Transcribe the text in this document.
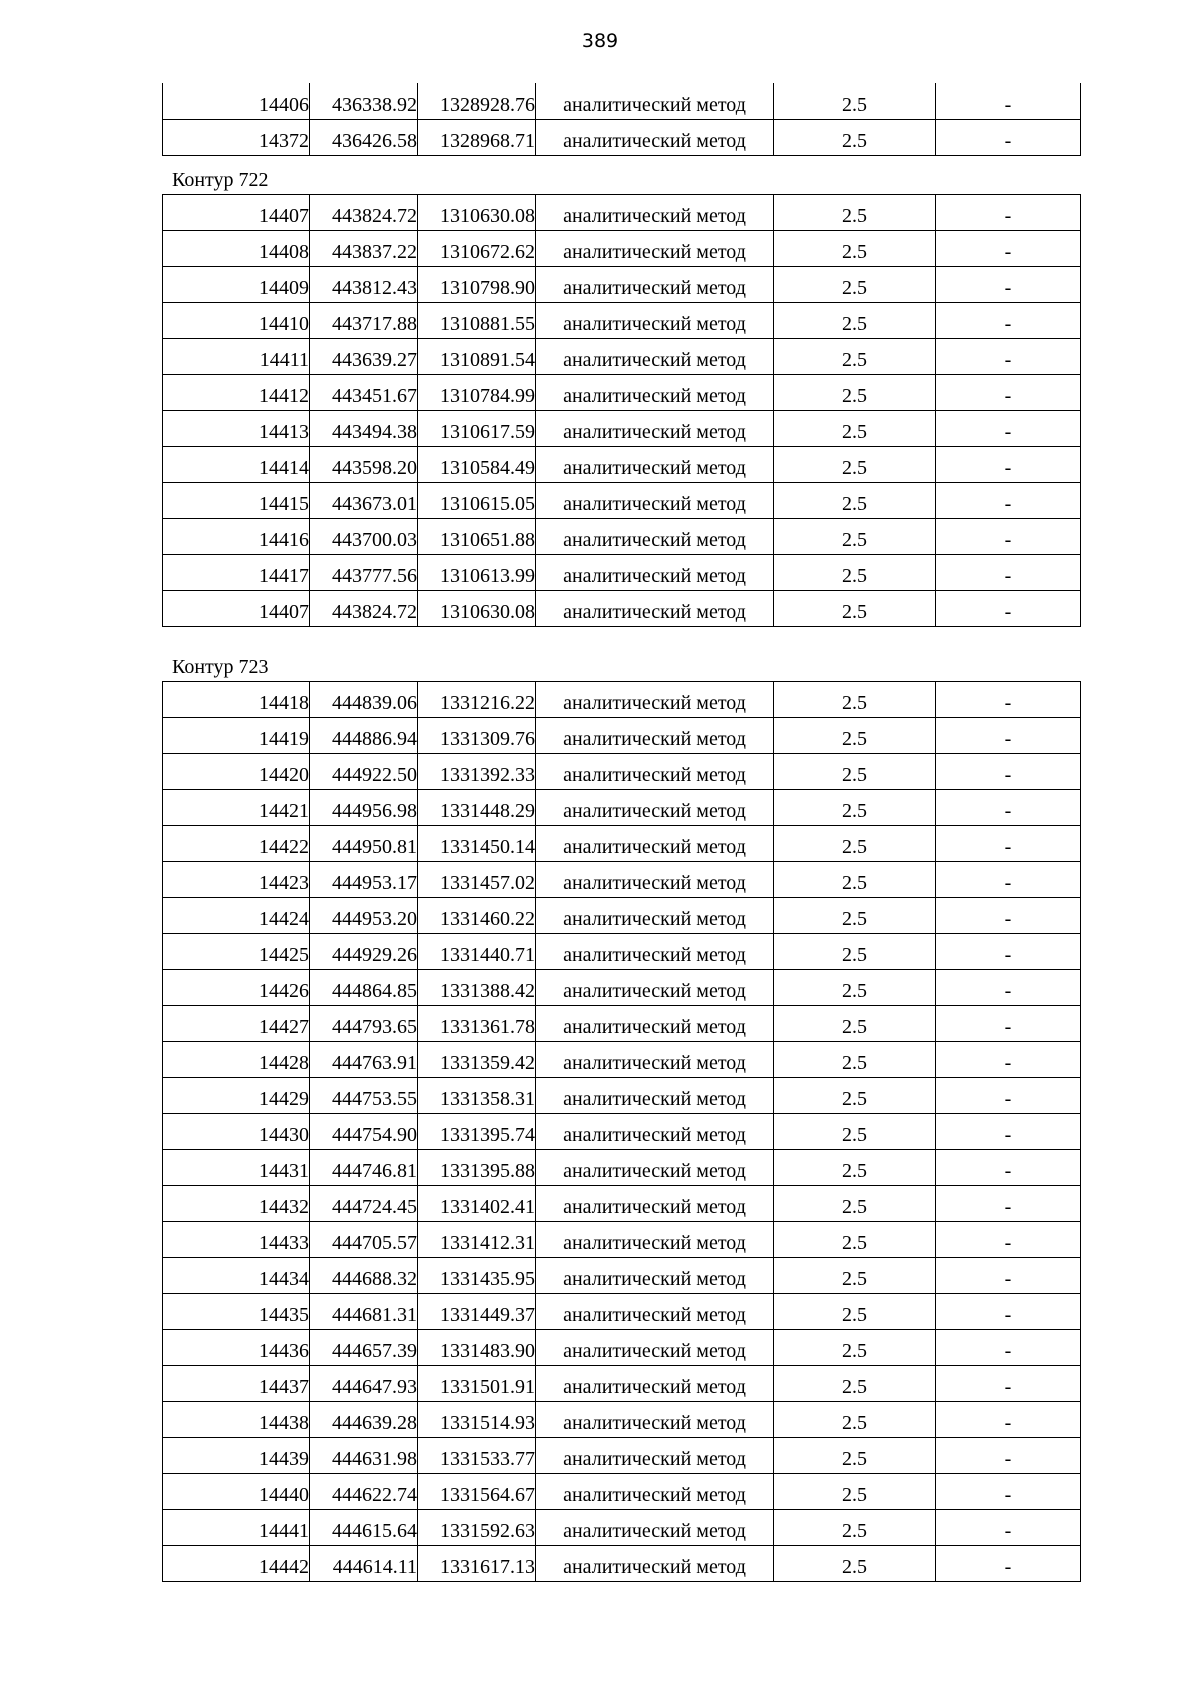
389
14406	436338.92	1328928.76	аналитический метод	2.5	-
14372	436426.58	1328968.71	аналитический метод	2.5	-
Контур 722
14407	443824.72	1310630.08	аналитический метод	2.5	-
14408	443837.22	1310672.62	аналитический метод	2.5	-
14409	443812.43	1310798.90	аналитический метод	2.5	-
14410	443717.88	1310881.55	аналитический метод	2.5	-
14411	443639.27	1310891.54	аналитический метод	2.5	-
14412	443451.67	1310784.99	аналитический метод	2.5	-
14413	443494.38	1310617.59	аналитический метод	2.5	-
14414	443598.20	1310584.49	аналитический метод	2.5	-
14415	443673.01	1310615.05	аналитический метод	2.5	-
14416	443700.03	1310651.88	аналитический метод	2.5	-
14417	443777.56	1310613.99	аналитический метод	2.5	-
14407	443824.72	1310630.08	аналитический метод	2.5	-
Контур 723
14418	444839.06	1331216.22	аналитический метод	2.5	-
14419	444886.94	1331309.76	аналитический метод	2.5	-
14420	444922.50	1331392.33	аналитический метод	2.5	-
14421	444956.98	1331448.29	аналитический метод	2.5	-
14422	444950.81	1331450.14	аналитический метод	2.5	-
14423	444953.17	1331457.02	аналитический метод	2.5	-
14424	444953.20	1331460.22	аналитический метод	2.5	-
14425	444929.26	1331440.71	аналитический метод	2.5	-
14426	444864.85	1331388.42	аналитический метод	2.5	-
14427	444793.65	1331361.78	аналитический метод	2.5	-
14428	444763.91	1331359.42	аналитический метод	2.5	-
14429	444753.55	1331358.31	аналитический метод	2.5	-
14430	444754.90	1331395.74	аналитический метод	2.5	-
14431	444746.81	1331395.88	аналитический метод	2.5	-
14432	444724.45	1331402.41	аналитический метод	2.5	-
14433	444705.57	1331412.31	аналитический метод	2.5	-
14434	444688.32	1331435.95	аналитический метод	2.5	-
14435	444681.31	1331449.37	аналитический метод	2.5	-
14436	444657.39	1331483.90	аналитический метод	2.5	-
14437	444647.93	1331501.91	аналитический метод	2.5	-
14438	444639.28	1331514.93	аналитический метод	2.5	-
14439	444631.98	1331533.77	аналитический метод	2.5	-
14440	444622.74	1331564.67	аналитический метод	2.5	-
14441	444615.64	1331592.63	аналитический метод	2.5	-
14442	444614.11	1331617.13	аналитический метод	2.5	-
